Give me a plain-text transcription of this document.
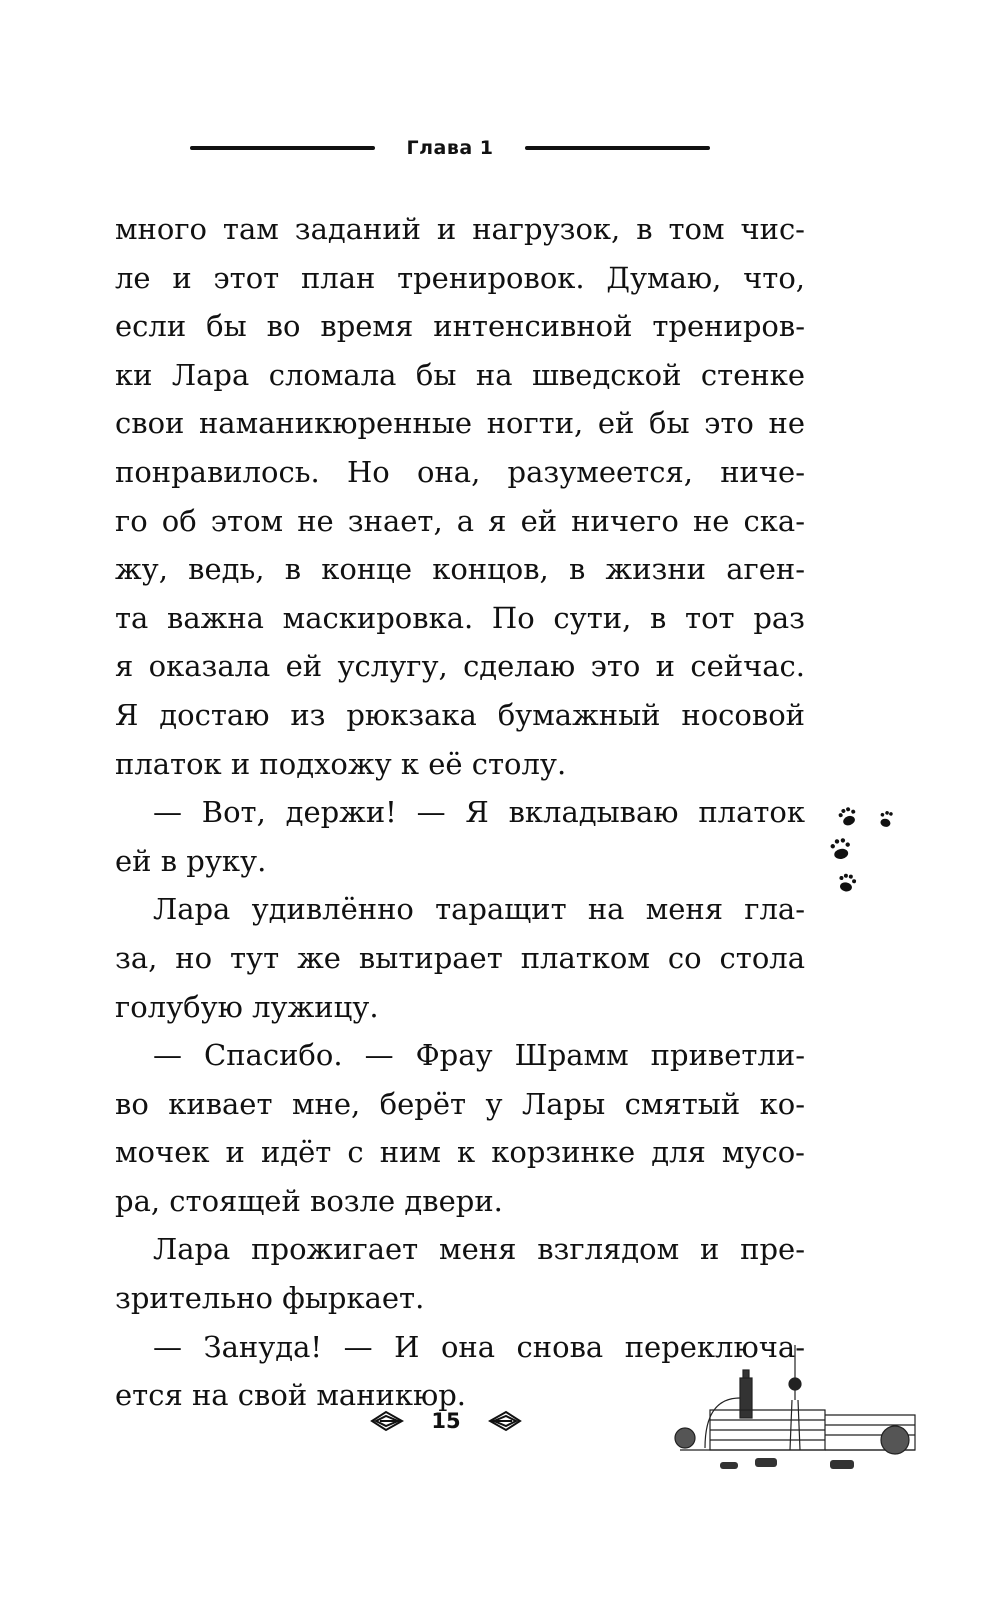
Глава 1
много там заданий и нагрузок, в том чис-
ле и этот план тренировок. Думаю, что,
если бы во время интенсивной трениров-
ки Лара сломала бы на шведской стенке
свои наманикюренные ногти, ей бы это не
понравилось. Но она, разумеется, ниче-
го об этом не знает, а я ей ничего не ска-
жу, ведь, в конце концов, в жизни аген-
та важна маскировка. По сути, в тот раз
я оказала ей услугу, сделаю это и сейчас.
Я достаю из рюкзака бумажный носовой
платок и подхожу к её столу.
— Вот, держи! — Я вкладываю платок
ей в руку.
Лара удивлённо таращит на меня гла-
за, но тут же вытирает платком со стола
голубую лужицу.
— Спасибо. — Фрау Шрамм приветли-
во кивает мне, берёт у Лары смятый ко-
мочек и идёт с ним к корзинке для мусо-
ра, стоящей возле двери.
Лара прожигает меня взглядом и пре-
зрительно фыркает.
— Зануда! — И она снова переключа-
ется на свой маникюр.
15
